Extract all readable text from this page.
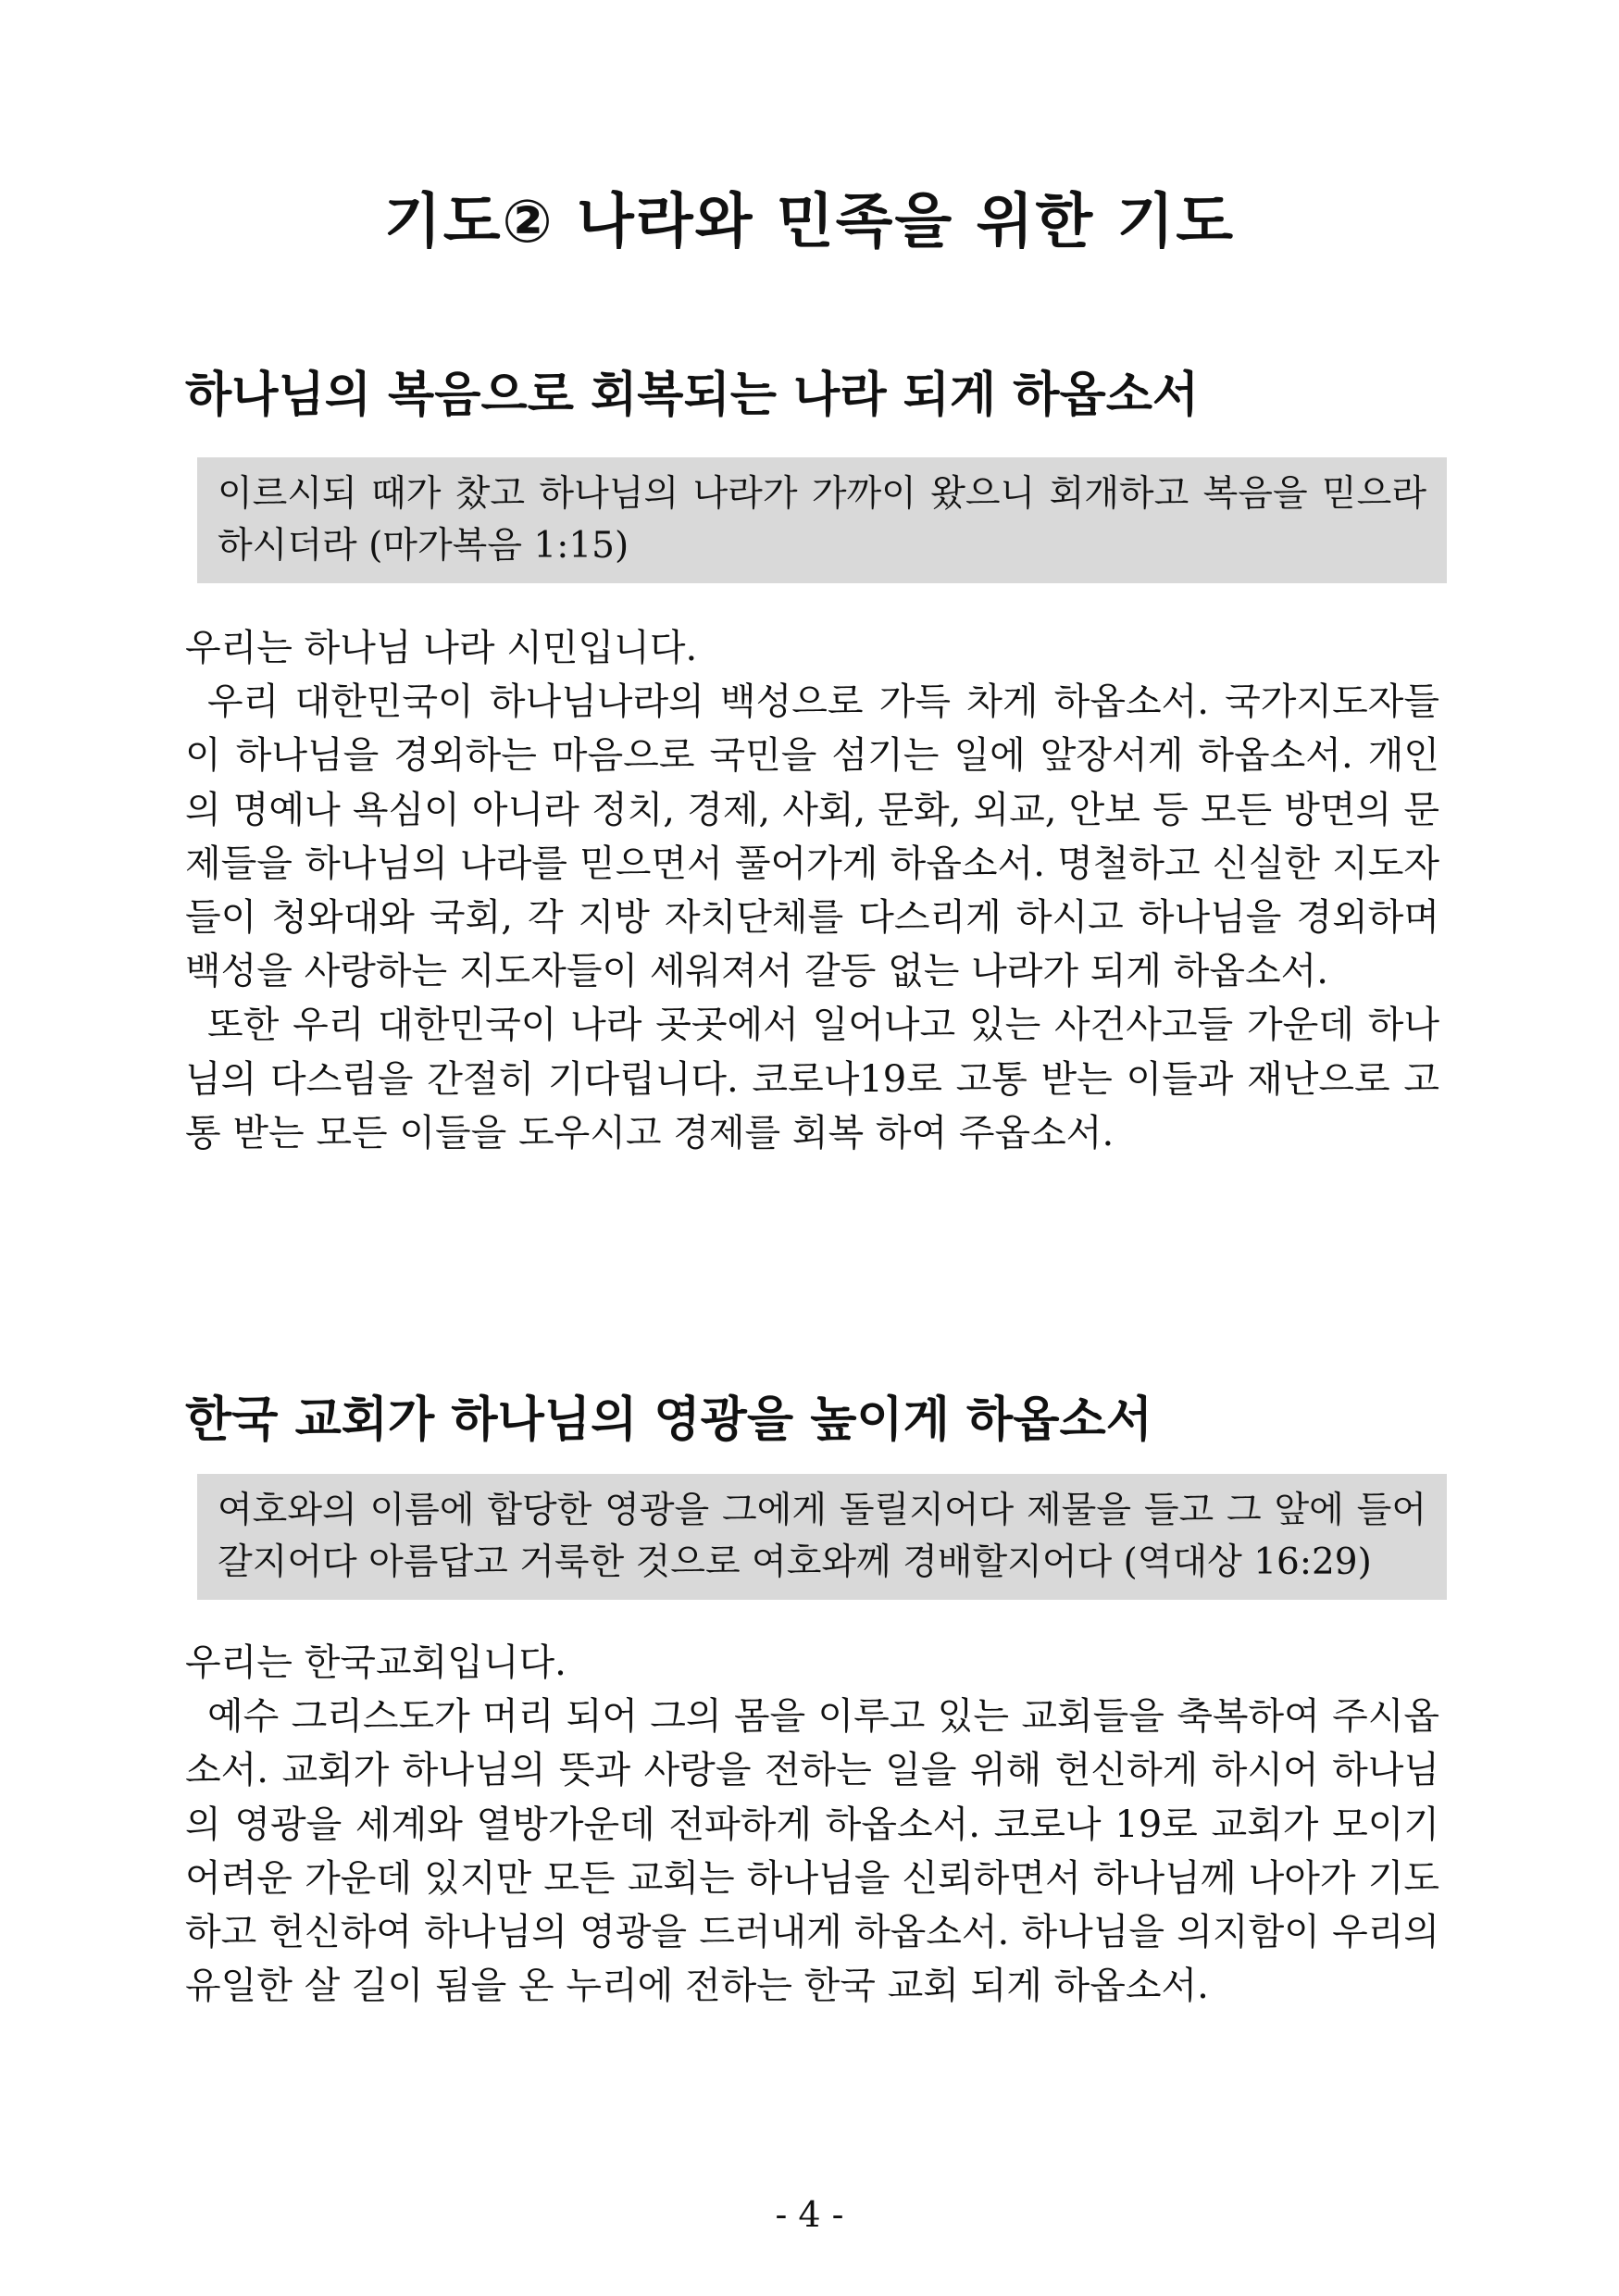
기도② 나라와 민족을 위한 기도
하나님의 복음으로 회복되는 나라 되게 하옵소서
이르시되 때가 찼고 하나님의 나라가 가까이 왔으니 회개하고 복음을 믿으라 하시더라 (마가복음 1:15)

우리는 하나님 나라 시민입니다.

우리 대한민국이 하나님나라의 백성으로 가득 차게 하옵소서. 국가지도자들이 하나님을 경외하는 마음으로 국민을 섬기는 일에 앞장서게 하옵소서. 개인의 명예나 욕심이 아니라 정치, 경제, 사회, 문화, 외교, 안보 등 모든 방면의 문제들을 하나님의 나라를 믿으면서 풀어가게 하옵소서. 명철하고 신실한 지도자들이 청와대와 국회, 각 지방 자치단체를 다스리게 하시고 하나님을 경외하며 백성을 사랑하는 지도자들이 세워져서 갈등 없는 나라가 되게 하옵소서.

또한 우리 대한민국이 나라 곳곳에서 일어나고 있는 사건사고들 가운데 하나님의 다스림을 간절히 기다립니다. 코로나19로 고통 받는 이들과 재난으로 고통 받는 모든 이들을 도우시고 경제를 회복 하여 주옵소서.

한국 교회가 하나님의 영광을 높이게 하옵소서
여호와의 이름에 합당한 영광을 그에게 돌릴지어다 제물을 들고 그 앞에 들어갈지어다 아름답고 거룩한 것으로 여호와께 경배할지어다 (역대상 16:29)

우리는 한국교회입니다.

예수 그리스도가 머리 되어 그의 몸을 이루고 있는 교회들을 축복하여 주시옵소서. 교회가 하나님의 뜻과 사랑을 전하는 일을 위해 헌신하게 하시어 하나님의 영광을 세계와 열방가운데 전파하게 하옵소서. 코로나 19로 교회가 모이기 어려운 가운데 있지만 모든 교회는 하나님을 신뢰하면서 하나님께 나아가 기도하고 헌신하여 하나님의 영광을 드러내게 하옵소서. 하나님을 의지함이 우리의 유일한 살 길이 됨을 온 누리에 전하는 한국 교회 되게 하옵소서.

- 4 -
